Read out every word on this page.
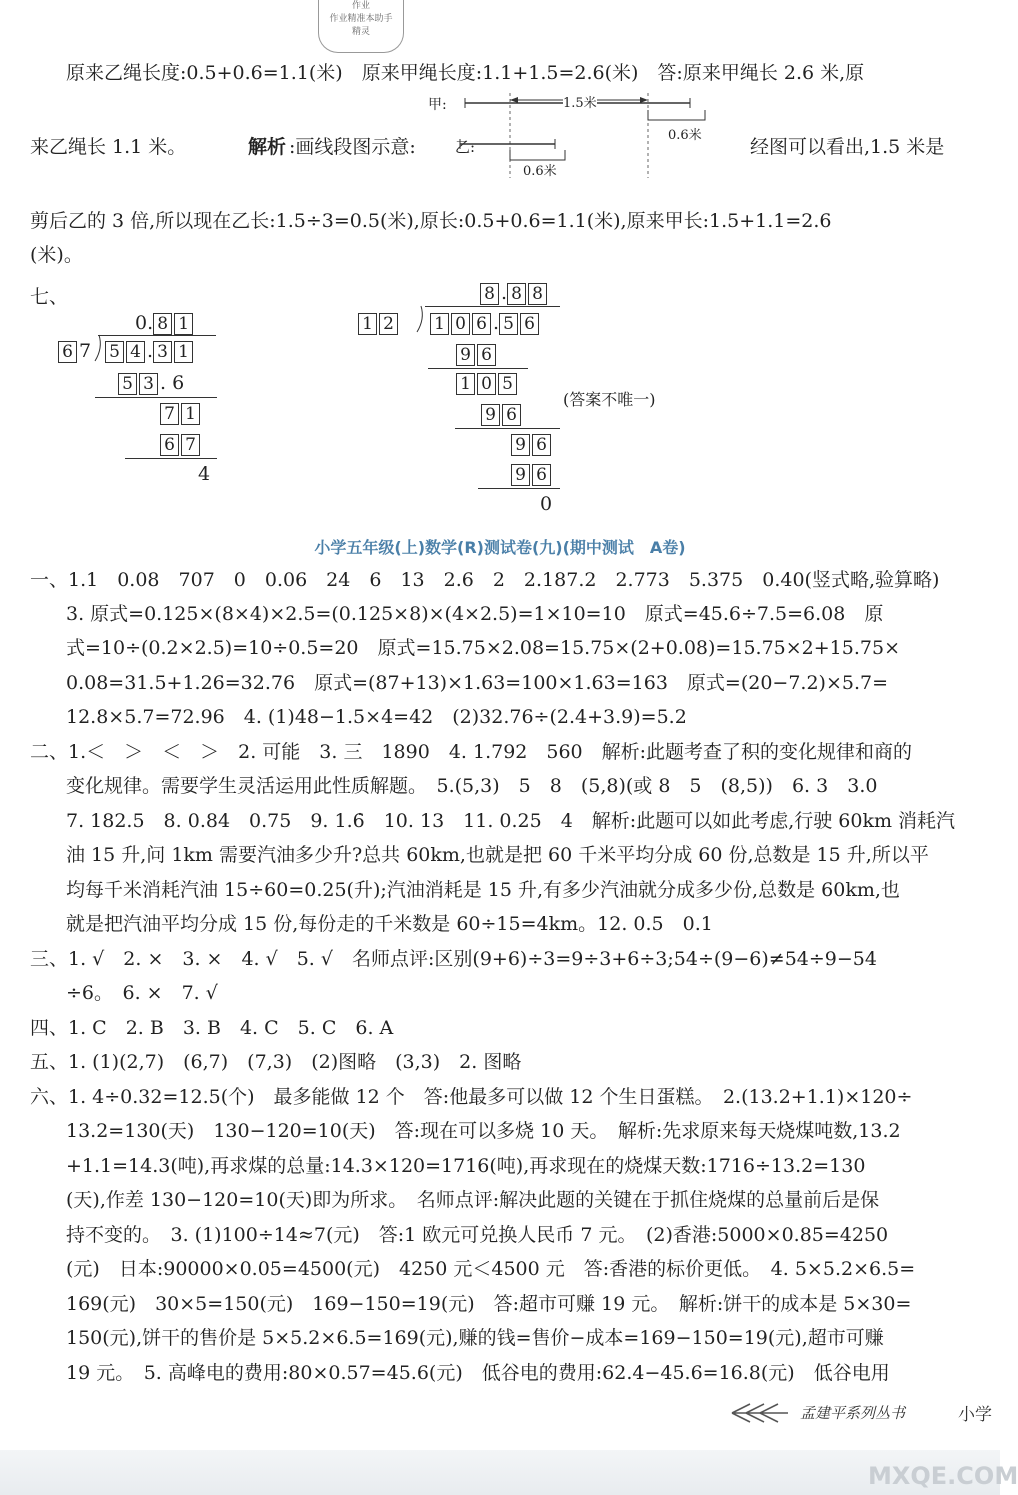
作业
作业精准本助手
精灵
原来乙绳长度:0.5+0.6=1.1(米)　原来甲绳长度:1.1+1.5=2.6(米)　答:原来甲绳长 2.6 米,原
来乙绳长 1.1 米。	解析 :画线段图示意:	经图可以看出,1.5 米是
甲:
乙:
1.5米
0.6米
0.6米
剪后乙的 3 倍,所以现在乙长:1.5÷3=0.5(米),原长:0.5+0.6=1.1(米),原来甲长:1.5+1.1=2.6
(米)。
七、
0. 8 1
6 7 5 4 . 3 1
5 3 . 6
7 1
6 7
4
8 . 8 8
1 2	1 0 6 . 5 6
9 6
1 0 5
9 6
9 6
9 6
0
(答案不唯一)
小学五年级(上)数学(R)测试卷(九)(期中测试　A卷)
一、1.1　0.08　707　0　0.06　24　6　13　2.6　2　2.187.2　2.773　5.375　0.40(竖式略,验算略)
3. 原式=0.125×(8×4)×2.5=(0.125×8)×(4×2.5)=1×10=10　原式=45.6÷7.5=6.08　原
式=10÷(0.2×2.5)=10÷0.5=20　原式=15.75×2.08=15.75×(2+0.08)=15.75×2+15.75×
0.08=31.5+1.26=32.76　原式=(87+13)×1.63=100×1.63=163　原式=(20−7.2)×5.7=
12.8×5.7=72.96　4. (1)48−1.5×4=42　(2)32.76÷(2.4+3.9)=5.2
二、1.＜　＞　＜　＞　2. 可能　3. 三　1890　4. 1.792　560　解析:此题考查了积的变化规律和商的
变化规律。需要学生灵活运用此性质解题。　5.(5,3)　5　8　(5,8)(或 8　5　(8,5))　6. 3　3.0
7. 182.5　8. 0.84　0.75　9. 1.6̇　10. 13　11. 0.25　4　解析:此题可以如此考虑,行驶 60km 消耗汽
油 15 升,问 1km 需要汽油多少升?总共 60km,也就是把 60 千米平均分成 60 份,总数是 15 升,所以平
均每千米消耗汽油 15÷60=0.25(升);汽油消耗是 15 升,有多少汽油就分成多少份,总数是 60km,也
就是把汽油平均分成 15 份,每份走的千米数是 60÷15=4km。12. 0.5　0.1
三、1. √　2. ×　3. ×　4. √　5. √　名师点评:区别(9+6)÷3=9÷3+6÷3;54÷(9−6)≠54÷9−54
÷6。　6. ×　7. √
四、1. C　2. B　3. B　4. C　5. C　6. A
五、1. (1)(2,7)　(6,7)　(7,3)　(2)图略　(3,3)　2. 图略
六、1. 4÷0.32=12.5(个)　最多能做 12 个　答:他最多可以做 12 个生日蛋糕。　2.(13.2+1.1)×120÷
13.2=130(天)　130−120=10(天)　答:现在可以多烧 10 天。　解析:先求原来每天烧煤吨数,13.2
+1.1=14.3(吨),再求煤的总量:14.3×120=1716(吨),再求现在的烧煤天数:1716÷13.2=130
(天),作差 130−120=10(天)即为所求。　名师点评:解决此题的关键在于抓住烧煤的总量前后是保
持不变的。　3. (1)100÷14≈7(元)　答:1 欧元可兑换人民币 7 元。　(2)香港:5000×0.85=4250
(元)　日本:90000×0.05=4500(元)　4250 元＜4500 元　答:香港的标价更低。　4. 5×5.2×6.5=
169(元)　30×5=150(元)　169−150=19(元)　答:超市可赚 19 元。　解析:饼干的成本是 5×30=
150(元),饼干的售价是 5×5.2×6.5=169(元),赚的钱=售价−成本=169−150=19(元),超市可赚
19 元。　5. 高峰电的费用:80×0.57=45.6(元)　低谷电的费用:62.4−45.6=16.8(元)　低谷电用
孟建平系列丛书	小学
MXQE.COM
